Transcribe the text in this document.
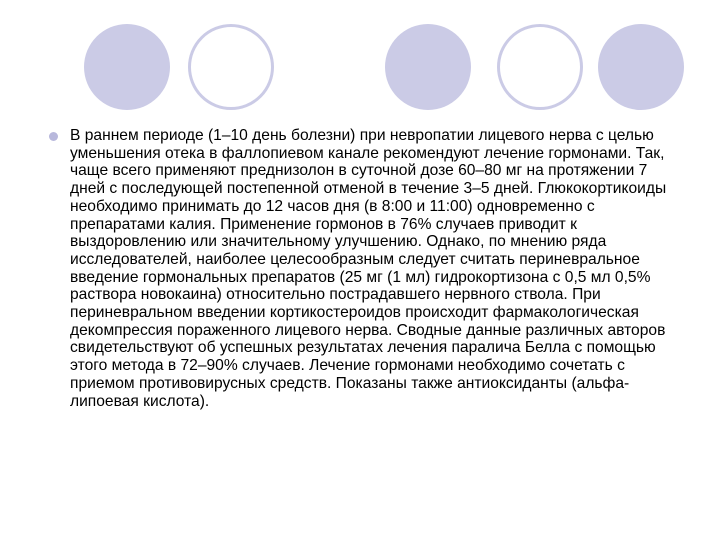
В раннем периоде (1–10 день болезни) при невропатии лицевого нерва с целью уменьшения отека в фаллопиевом канале рекомендуют лечение гормонами. Так, чаще всего применяют преднизолон в суточной дозе 60–80 мг на протяжении 7 дней с последующей постепенной отменой в течение 3–5 дней. Глюкокортикоиды необходимо принимать до 12 часов дня (в 8:00 и 11:00) одновременно с препаратами калия. Применение гормонов в 76% случаев приводит к выздоровлению или значительному улучшению. Однако, по мнению ряда исследователей, наиболее целесообразным следует считать периневральное введение гормональных препаратов (25 мг (1 мл) гидрокортизона с 0,5 мл 0,5% раствора новокаина) относительно пострадавшего нервного ствола. При периневральном введении кортикостероидов происходит фармакологическая декомпрессия пораженного лицевого нерва. Сводные данные различных авторов свидетельствуют об успешных результатах лечения паралича Белла с помощью этого метода в 72–90% случаев. Лечение гормонами необходимо сочетать с приемом противовирусных средств. Показаны также антиоксиданты (альфа-липоевая кислота).
